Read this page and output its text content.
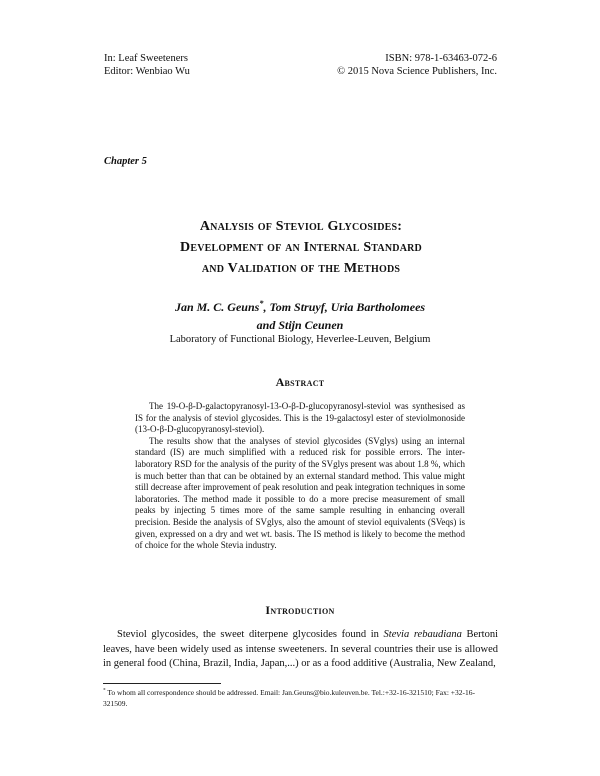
In: Leaf Sweeteners
Editor: Wenbiao Wu
ISBN: 978-1-63463-072-6
© 2015 Nova Science Publishers, Inc.
Chapter 5
Analysis of Steviol Glycosides:
Development of an Internal Standard
and Validation of the Methods
Jan M. C. Geuns*, Tom Struyf, Uria Bartholomees
and Stijn Ceunen
Laboratory of Functional Biology, Heverlee-Leuven, Belgium
Abstract

The 19-O-β-D-galactopyranosyl-13-O-β-D-glucopyranosyl-steviol was synthesised as IS for the analysis of steviol glycosides. This is the 19-galactosyl ester of steviolmonoside (13-O-β-D-glucopyranosyl-steviol).

The results show that the analyses of steviol glycosides (SVglys) using an internal standard (IS) are much simplified with a reduced risk for possible errors. The inter-laboratory RSD for the analysis of the purity of the SVglys present was about 1.8 %, which is much better than that can be obtained by an external standard method. This value might still decrease after improvement of peak resolution and peak integration techniques in some laboratories. The method made it possible to do a more precise measurement of small peaks by injecting 5 times more of the same sample resulting in enhancing overall precision. Beside the analysis of SVglys, also the amount of steviol equivalents (SVeqs) is given, expressed on a dry and wet wt. basis. The IS method is likely to become the method of choice for the whole Stevia industry.

Introduction

Steviol glycosides, the sweet diterpene glycosides found in Stevia rebaudiana Bertoni leaves, have been widely used as intense sweeteners. In several countries their use is allowed in general food (China, Brazil, India, Japan,...) or as a food additive (Australia, New Zealand,

* To whom all correspondence should be addressed. Email: Jan.Geuns@bio.kuleuven.be. Tel.:+32-16-321510; Fax: +32-16-321509.
